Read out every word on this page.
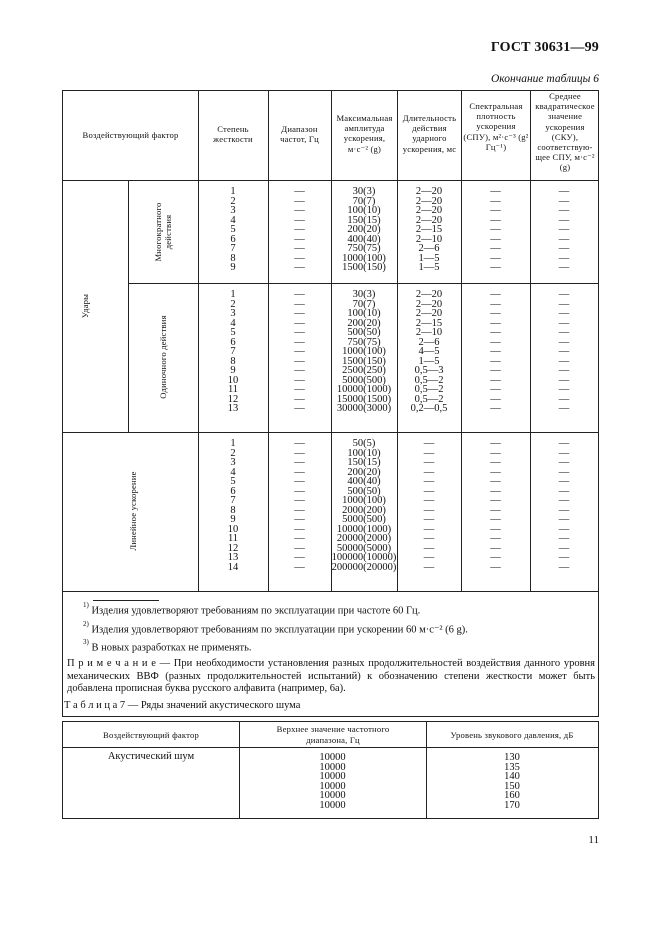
ГОСТ 30631—99
Окончание таблицы 6
Воздействующий фактор
Степень жесткости
Диапазон частот, Гц
Максимальная амплитуда ускорения, м·с⁻² (g)
Длительность действия ударного ускорения, мс
Спектральная плотность ускорения (СПУ), м²·с⁻³ (g² Гц⁻¹)
Среднее квадратическое значение ускорения (СКУ), соответствую-щее СПУ, м·с⁻² (g)
Удары
Многократного действия
Одиночного действия
Линейное ускорение
1
2
3
4
5
6
7
8
9
—
—
—
—
—
—
—
—
—
30(3)
70(7)
100(10)
150(15)
200(20)
400(40)
750(75)
1000(100)
1500(150)
2—20
2—20
2—20
2—20
2—15
2—10
2—6
1—5
1—5
—
—
—
—
—
—
—
—
—
—
—
—
—
—
—
—
—
—
1
2
3
4
5
6
7
8
9
10
11
12
13
—
—
—
—
—
—
—
—
—
—
—
—
—
30(3)
70(7)
100(10)
200(20)
500(50)
750(75)
1000(100)
1500(150)
2500(250)
5000(500)
10000(1000)
15000(1500)
30000(3000)
2—20
2—20
2—20
2—15
2—10
2—6
4—5
1—5
0,5—3
0,5—2
0,5—2
0,5—2
0,2—0,5
—
—
—
—
—
—
—
—
—
—
—
—
—
—
—
—
—
—
—
—
—
—
—
—
—
—
1
2
3
4
5
6
7
8
9
10
11
12
13
14
—
—
—
—
—
—
—
—
—
—
—
—
—
—
50(5)
100(10)
150(15)
200(20)
400(40)
500(50)
1000(100)
2000(200)
5000(500)
10000(1000)
20000(2000)
50000(5000)
100000(10000)
200000(20000)
—
—
—
—
—
—
—
—
—
—
—
—
—
—
—
—
—
—
—
—
—
—
—
—
—
—
—
—
—
—
—
—
—
—
—
—
—
—
—
—
—
—
$^{1)}$ Изделия удовлетворяют требованиям по эксплуатации при частоте 60 Гц.
$^{2)}$ Изделия удовлетворяют требованиям по эксплуатации при ускорении 60 м·с⁻² (6 g).
$^{3)}$ В новых разработках не применять.
П р и м е ч а н и е — При необходимости установления разных продолжительностей воздействия данного уровня механических ВВФ (разных продолжительностей испытаний) к обозначению степени жесткости может быть добавлена прописная буква русского алфавита (например, 6а).
Т а б л и ц а 7 — Ряды значений акустического шума
Воздействующий фактор
Верхнее значение частотного диапазона, Гц	Уровень звукового давления, дБ
Акустический шум	10000
10000
10000
10000
10000
10000
130
135
140
150
160
170
11
